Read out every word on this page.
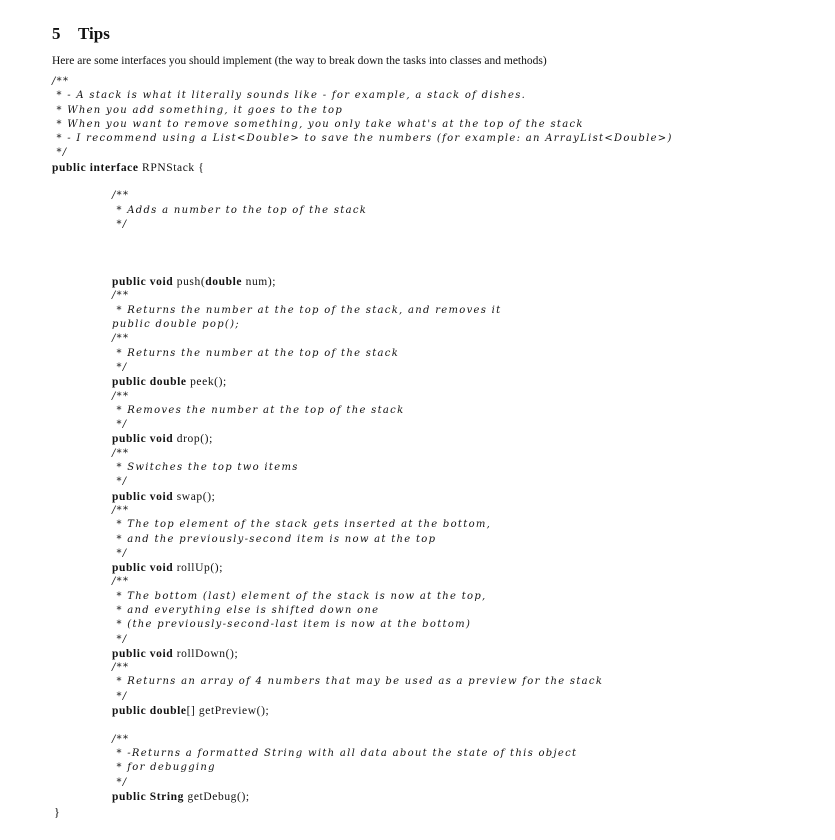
5 Tips
Here are some interfaces you should implement (the way to break down the tasks into classes and methods)
/**
* - A stack is what it literally sounds like - for example, a stack of dishes.
* When you add something, it goes to the top
* When you want to remove something, you only take what's at the top of the stack
* - I recommend using a List<Double> to save the numbers (for example: an ArrayList<Double>)
*/
public interface RPNStack {
/**
* Adds a number to the top of the stack
*/
public void push(double num);
/**
* Returns the number at the top of the stack, and removes it
public double pop();
/**
* Returns the number at the top of the stack
*/
public double peek();
/**
* Removes the number at the top of the stack
*/
public void drop();
/**
* Switches the top two items
*/
public void swap();
/**
* The top element of the stack gets inserted at the bottom,
* and the previously-second item is now at the top
*/
public void rollUp();
/**
* The bottom (last) element of the stack is now at the top,
* and everything else is shifted down one
* (the previously-second-last item is now at the bottom)
*/
public void rollDown();
/**
* Returns an array of 4 numbers that may be used as a preview for the stack
*/
public double[] getPreview();
/**
* -Returns a formatted String with all data about the state of this object
* for debugging
*/
public String getDebug();
}
